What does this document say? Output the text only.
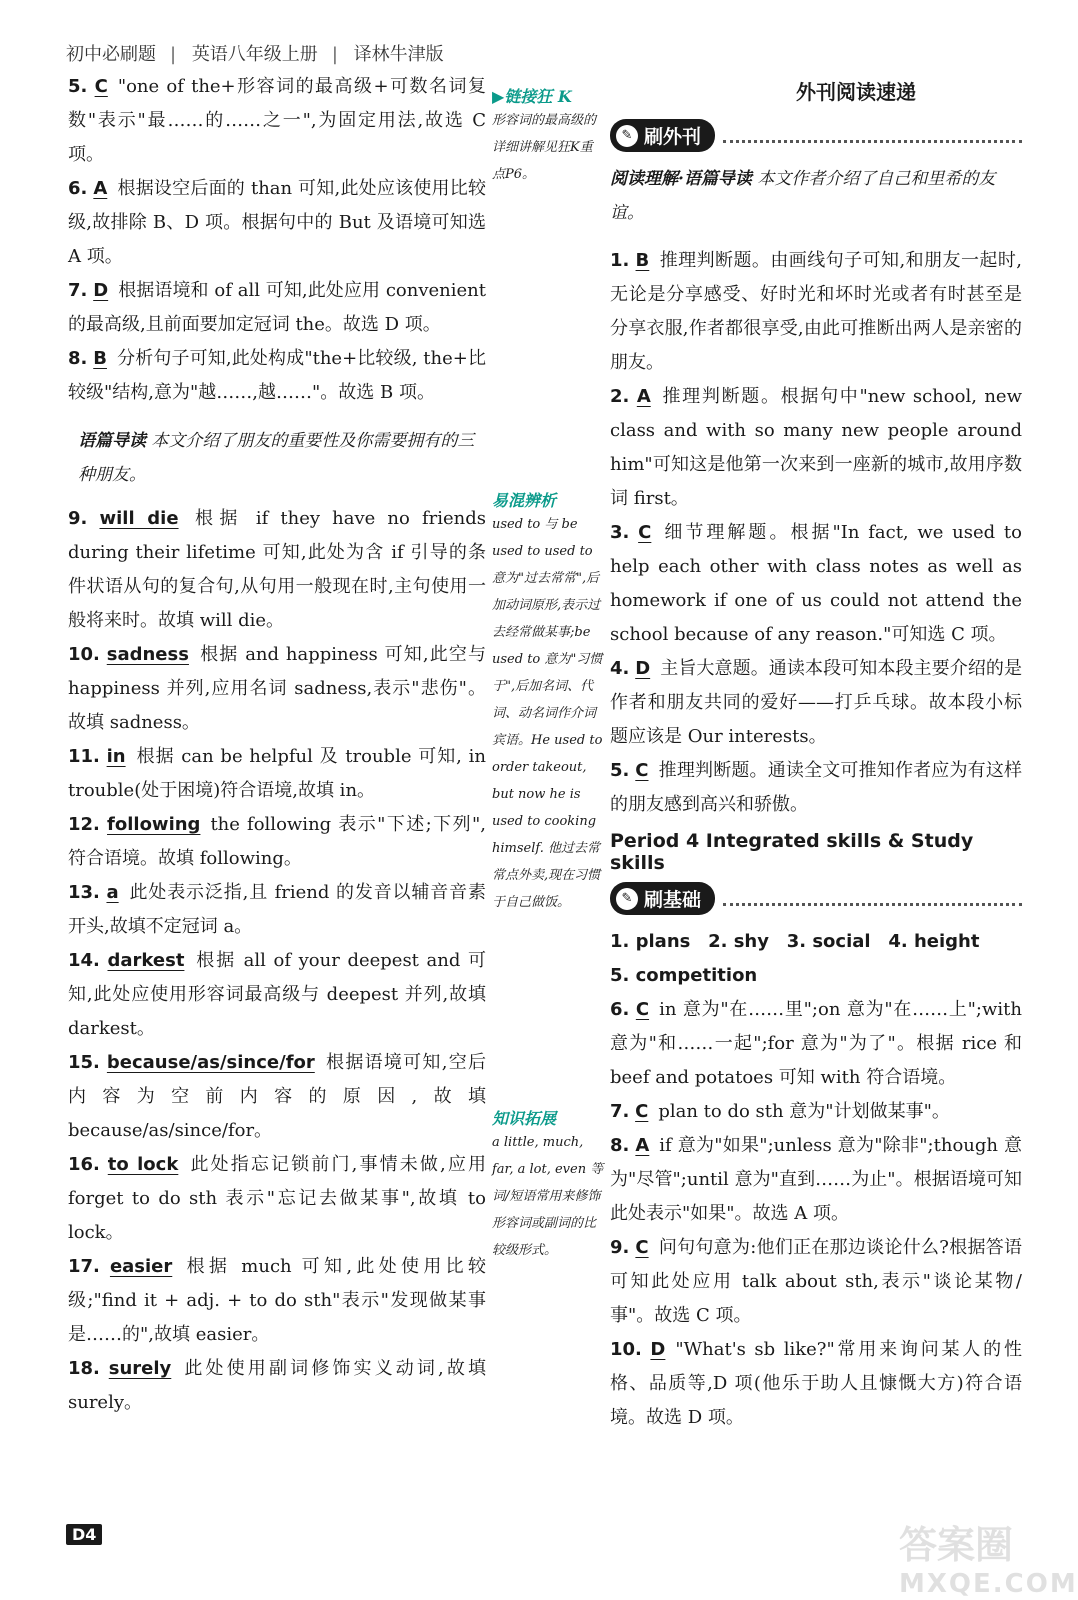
初中必刷题 | 英语八年级上册 | 译林牛津版

5. C "one of the+形容词的最高级+可数名词复数"表示"最……的……之一",为固定用法,故选 C 项。

6. A 根据设空后面的 than 可知,此处应该使用比较级,故排除 B、D 项。根据句中的 But 及语境可知选 A 项。

7. D 根据语境和 of all 可知,此处应用 convenient 的最高级,且前面要加定冠词 the。故选 D 项。

8. B 分析句子可知,此处构成"the+比较级, the+比较级"结构,意为"越……,越……"。故选 B 项。

语篇导读 本文介绍了朋友的重要性及你需要拥有的三种朋友。

9. will die 根据 if they have no friends during their lifetime 可知,此处为含 if 引导的条件状语从句的复合句,从句用一般现在时,主句使用一般将来时。故填 will die。

10. sadness 根据 and happiness 可知,此空与 happiness 并列,应用名词 sadness,表示"悲伤"。故填 sadness。

11. in 根据 can be helpful 及 trouble 可知, in trouble(处于困境)符合语境,故填 in。

12. following the following 表示"下述;下列",符合语境。故填 following。

13. a 此处表示泛指,且 friend 的发音以辅音音素开头,故填不定冠词 a。

14. darkest 根据 all of your deepest and 可知,此处应使用形容词最高级与 deepest 并列,故填 darkest。

15. because/as/since/for 根据语境可知,空后内容为空前内容的原因,故填 because/as/since/for。

16. to lock 此处指忘记锁前门,事情未做,应用 forget to do sth 表示"忘记去做某事",故填 to lock。

17. easier 根据 much 可知,此处使用比较级;"find it + adj. + to do sth"表示"发现做某事是……的",故填 easier。

18. surely 此处使用副词修饰实义动词,故填 surely。

▶链接狂 K

形容词的最高级的详细讲解见狂K重点P6。

易混辨析

used to 与 be used to used to 意为"过去常常",后加动词原形,表示过去经常做某事;be used to 意为"习惯于",后加名词、代词、动名词作介词宾语。He used to order takeout, but now he is used to cooking himself. 他过去常常点外卖,现在习惯于自己做饭。

知识拓展

a little, much, far, a lot, even 等词/短语常用来修饰形容词或副词的比较级形式。

外刊阅读速递
✎ 刷外刊
阅读理解·语篇导读 本文作者介绍了自己和里希的友谊。

1. B 推理判断题。由画线句子可知,和朋友一起时,无论是分享感受、好时光和坏时光或者有时甚至是分享衣服,作者都很享受,由此可推断出两人是亲密的朋友。

2. A 推理判断题。根据句中"new school, new class and with so many new people around him"可知这是他第一次来到一座新的城市,故用序数词 first。

3. C 细节理解题。根据"In fact, we used to help each other with class notes as well as homework if one of us could not attend the school because of any reason."可知选 C 项。

4. D 主旨大意题。通读本段可知本段主要介绍的是作者和朋友共同的爱好——打乒乓球。故本段小标题应该是 Our interests。

5. C 推理判断题。通读全文可推知作者应为有这样的朋友感到高兴和骄傲。

Period 4 Integrated skills & Study skills
✎ 刷基础
1. plans 2. shy 3. social 4. height
5. competition

6. C in 意为"在……里";on 意为"在……上";with 意为"和……一起";for 意为"为了"。根据 rice 和 beef and potatoes 可知 with 符合语境。

7. C plan to do sth 意为"计划做某事"。

8. A if 意为"如果";unless 意为"除非";though 意为"尽管";until 意为"直到……为止"。根据语境可知此处表示"如果"。故选 A 项。

9. C 问句句意为:他们正在那边谈论什么?根据答语可知此处应用 talk about sth,表示"谈论某物/事"。故选 C 项。

10. D "What's sb like?"常用来询问某人的性格、品质等,D 项(他乐于助人且慷慨大方)符合语境。故选 D 项。

D4	答案圈
MXQE.COM
